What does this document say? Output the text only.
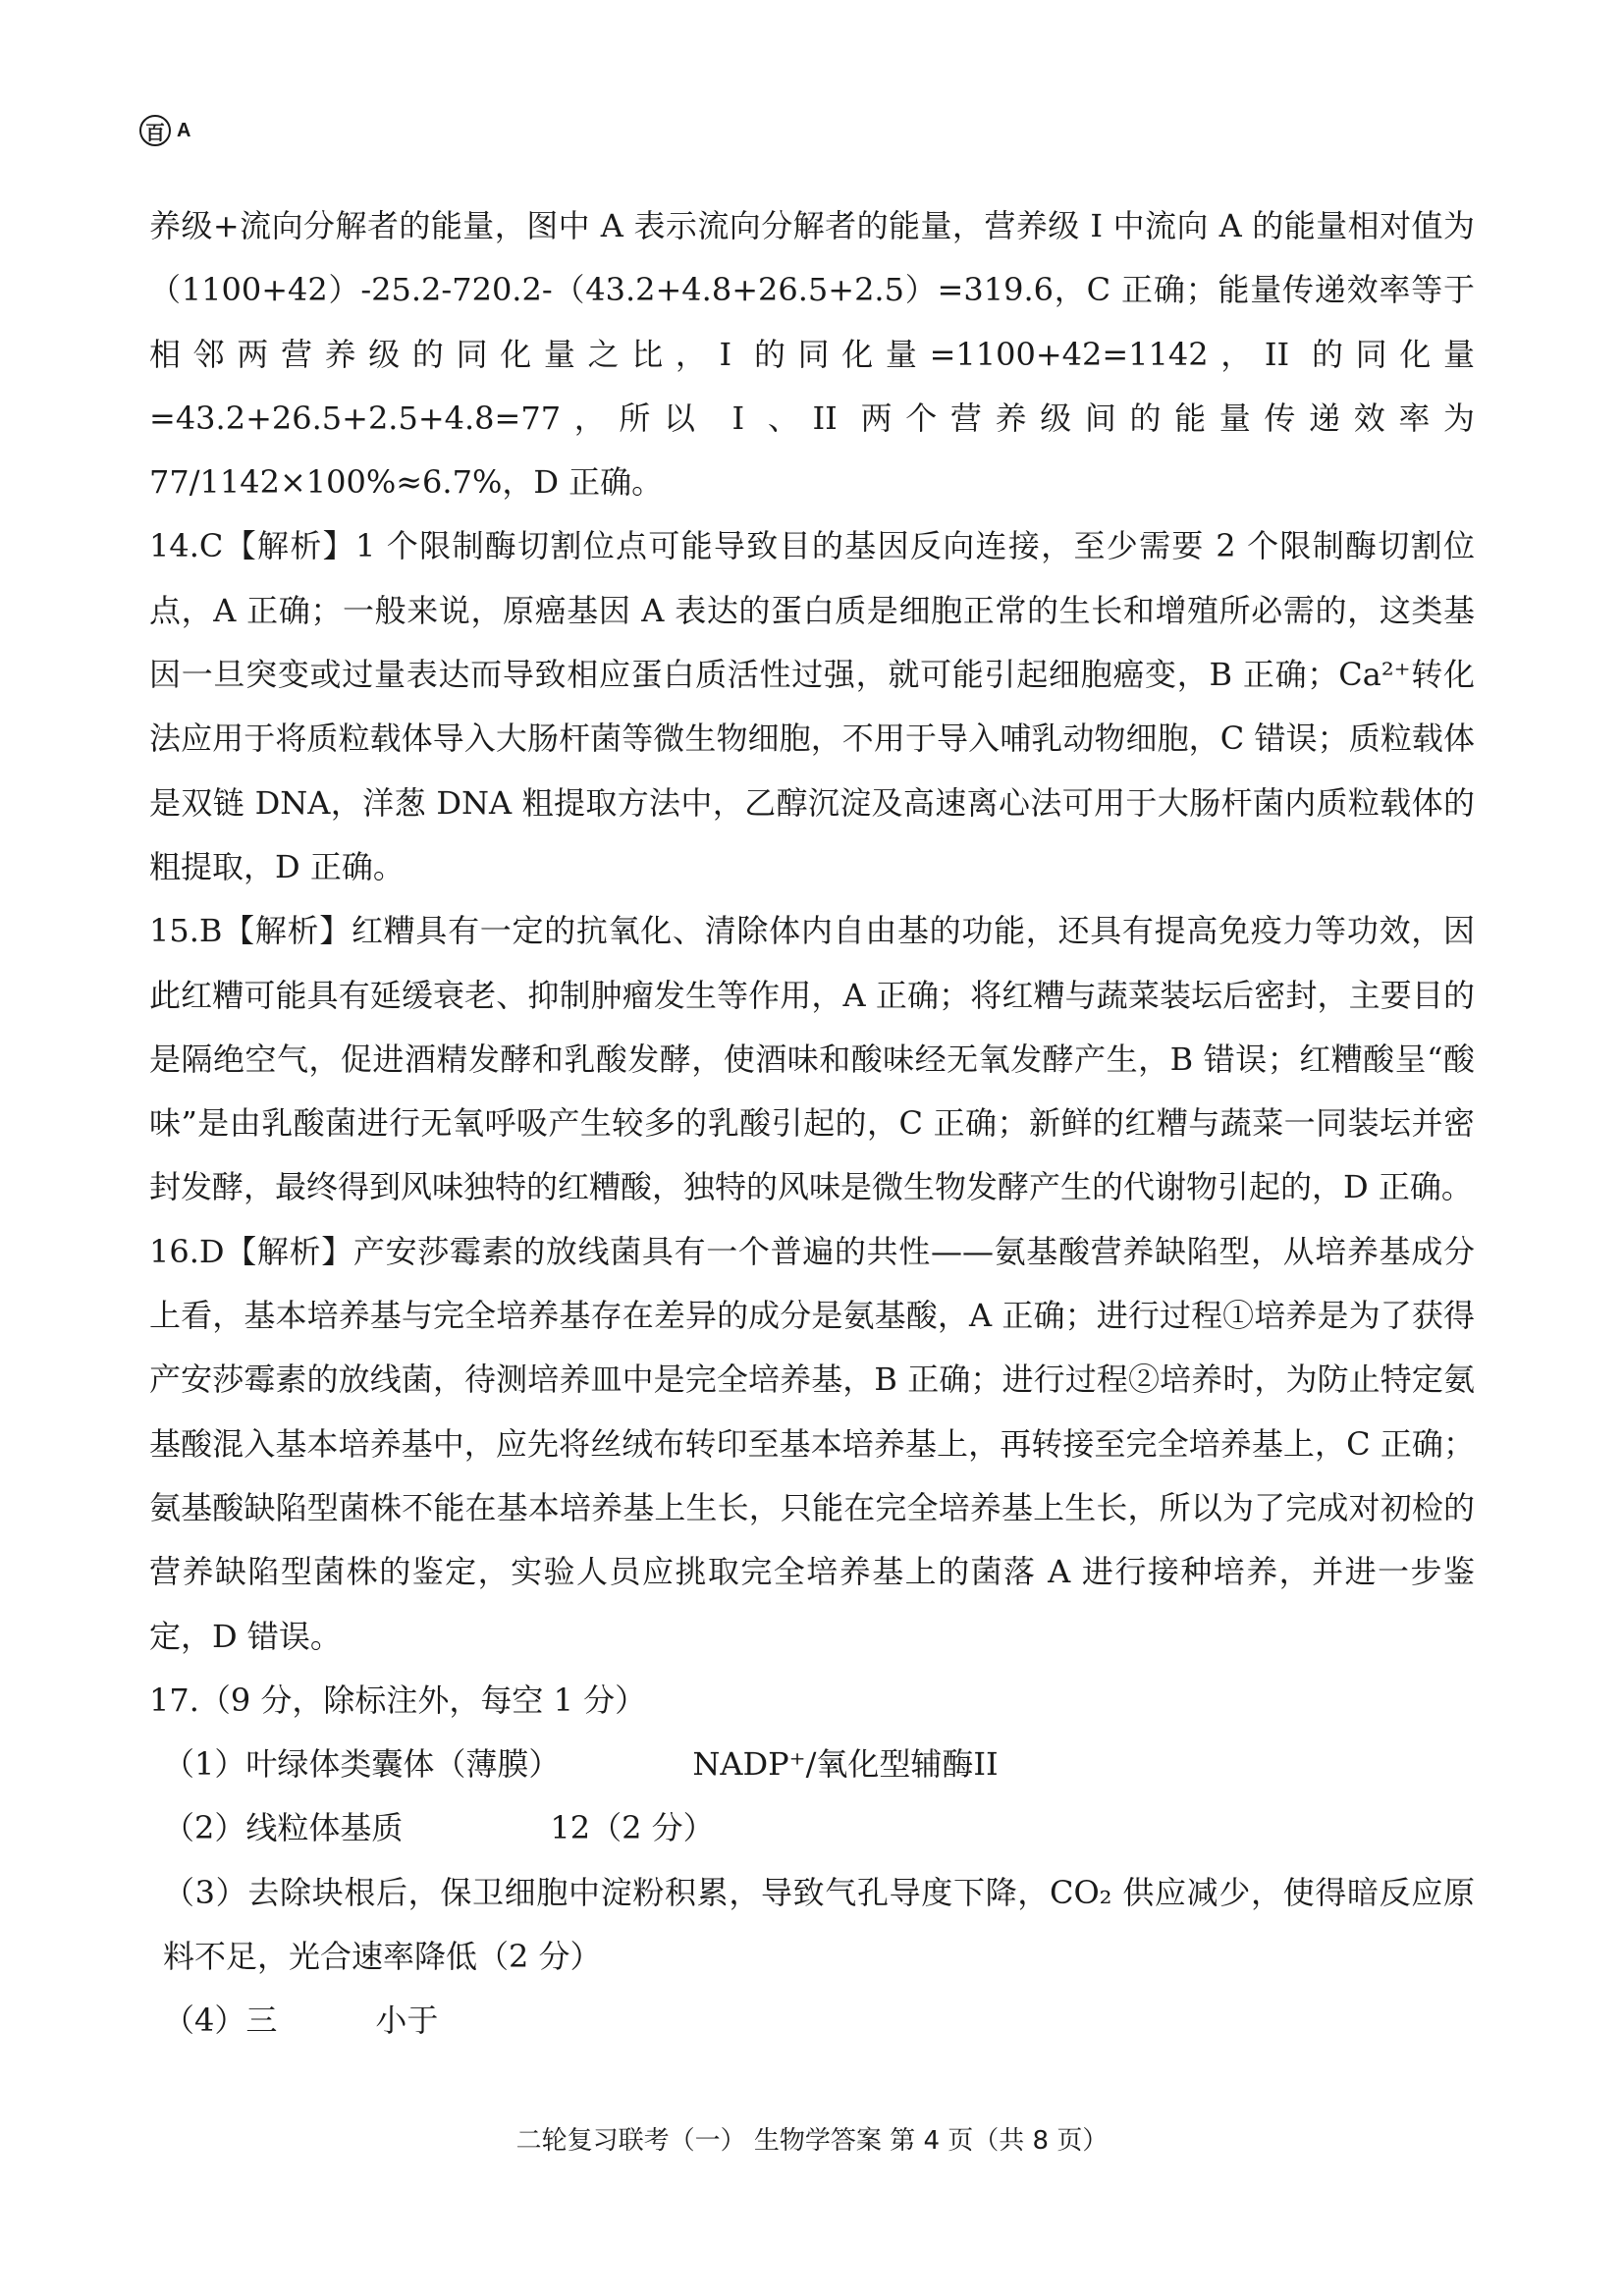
百 A

养级+流向分解者的能量，图中 A 表示流向分解者的能量，营养级 I 中流向 A 的能量相对值为（1100+42）-25.2-720.2-（43.2+4.8+26.5+2.5）=319.6，C 正确；能量传递效率等于相邻两营养级的同化量之比，I 的同化量=1100+42=1142，II 的同化量=43.2+26.5+2.5+4.8=77，所以 I 、II 两个营养级间的能量传递效率为 77/1142×100%≈6.7%，D 正确。

14.C【解析】1 个限制酶切割位点可能导致目的基因反向连接，至少需要 2 个限制酶切割位点，A 正确；一般来说，原癌基因 A 表达的蛋白质是细胞正常的生长和增殖所必需的，这类基因一旦突变或过量表达而导致相应蛋白质活性过强，就可能引起细胞癌变，B 正确；Ca²⁺转化法应用于将质粒载体导入大肠杆菌等微生物细胞，不用于导入哺乳动物细胞，C 错误；质粒载体是双链 DNA，洋葱 DNA 粗提取方法中，乙醇沉淀及高速离心法可用于大肠杆菌内质粒载体的粗提取，D 正确。

15.B【解析】红糟具有一定的抗氧化、清除体内自由基的功能，还具有提高免疫力等功效，因此红糟可能具有延缓衰老、抑制肿瘤发生等作用，A 正确；将红糟与蔬菜装坛后密封，主要目的是隔绝空气，促进酒精发酵和乳酸发酵，使酒味和酸味经无氧发酵产生，B 错误；红糟酸呈“酸味”是由乳酸菌进行无氧呼吸产生较多的乳酸引起的，C 正确；新鲜的红糟与蔬菜一同装坛并密封发酵，最终得到风味独特的红糟酸，独特的风味是微生物发酵产生的代谢物引起的，D 正确。

16.D【解析】产安莎霉素的放线菌具有一个普遍的共性——氨基酸营养缺陷型，从培养基成分上看，基本培养基与完全培养基存在差异的成分是氨基酸，A 正确；进行过程①培养是为了获得产安莎霉素的放线菌，待测培养皿中是完全培养基，B 正确；进行过程②培养时，为防止特定氨基酸混入基本培养基中，应先将丝绒布转印至基本培养基上，再转接至完全培养基上，C 正确；氨基酸缺陷型菌株不能在基本培养基上生长，只能在完全培养基上生长，所以为了完成对初检的营养缺陷型菌株的鉴定，实验人员应挑取完全培养基上的菌落 A 进行接种培养，并进一步鉴定，D 错误。

17.（9 分，除标注外，每空 1 分）

（1） 叶绿体类囊体（薄膜）	NADP⁺/氧化型辅酶II
（2） 线粒体基质	12（2 分）

（3）去除块根后，保卫细胞中淀粉积累，导致气孔导度下降，CO₂ 供应减少，使得暗反应原料不足，光合速率降低（2 分）

（4） 三	小于
二轮复习联考（一） 生物学答案 第 4 页（共 8 页）
